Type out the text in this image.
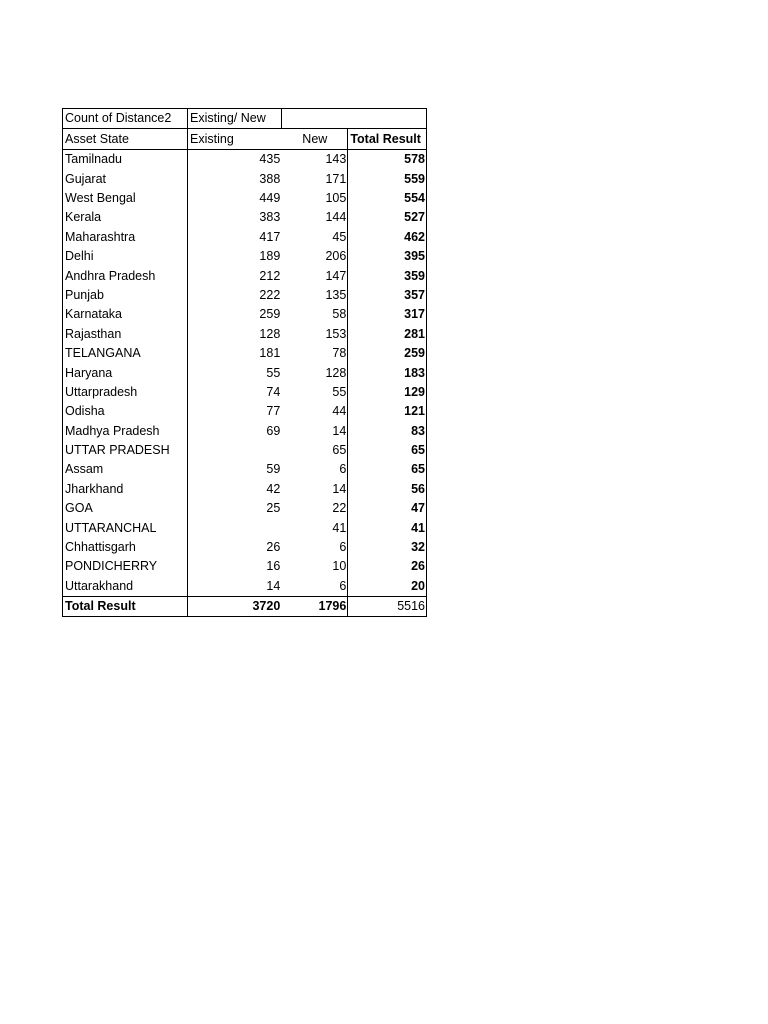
Count of Distance2	Existing/ New		
Asset State	Existing	New	Total Result
Tamilnadu	435	143	578
Gujarat	388	171	559
West Bengal	449	105	554
Kerala	383	144	527
Maharashtra	417	45	462
Delhi	189	206	395
Andhra Pradesh	212	147	359
Punjab	222	135	357
Karnataka	259	58	317
Rajasthan	128	153	281
TELANGANA	181	78	259
Haryana	55	128	183
Uttarpradesh	74	55	129
Odisha	77	44	121
Madhya Pradesh	69	14	83
UTTAR PRADESH		65	65
Assam	59	6	65
Jharkhand	42	14	56
GOA	25	22	47
UTTARANCHAL		41	41
Chhattisgarh	26	6	32
PONDICHERRY	16	10	26
Uttarakhand	14	6	20
Total Result	3720	1796	5516
